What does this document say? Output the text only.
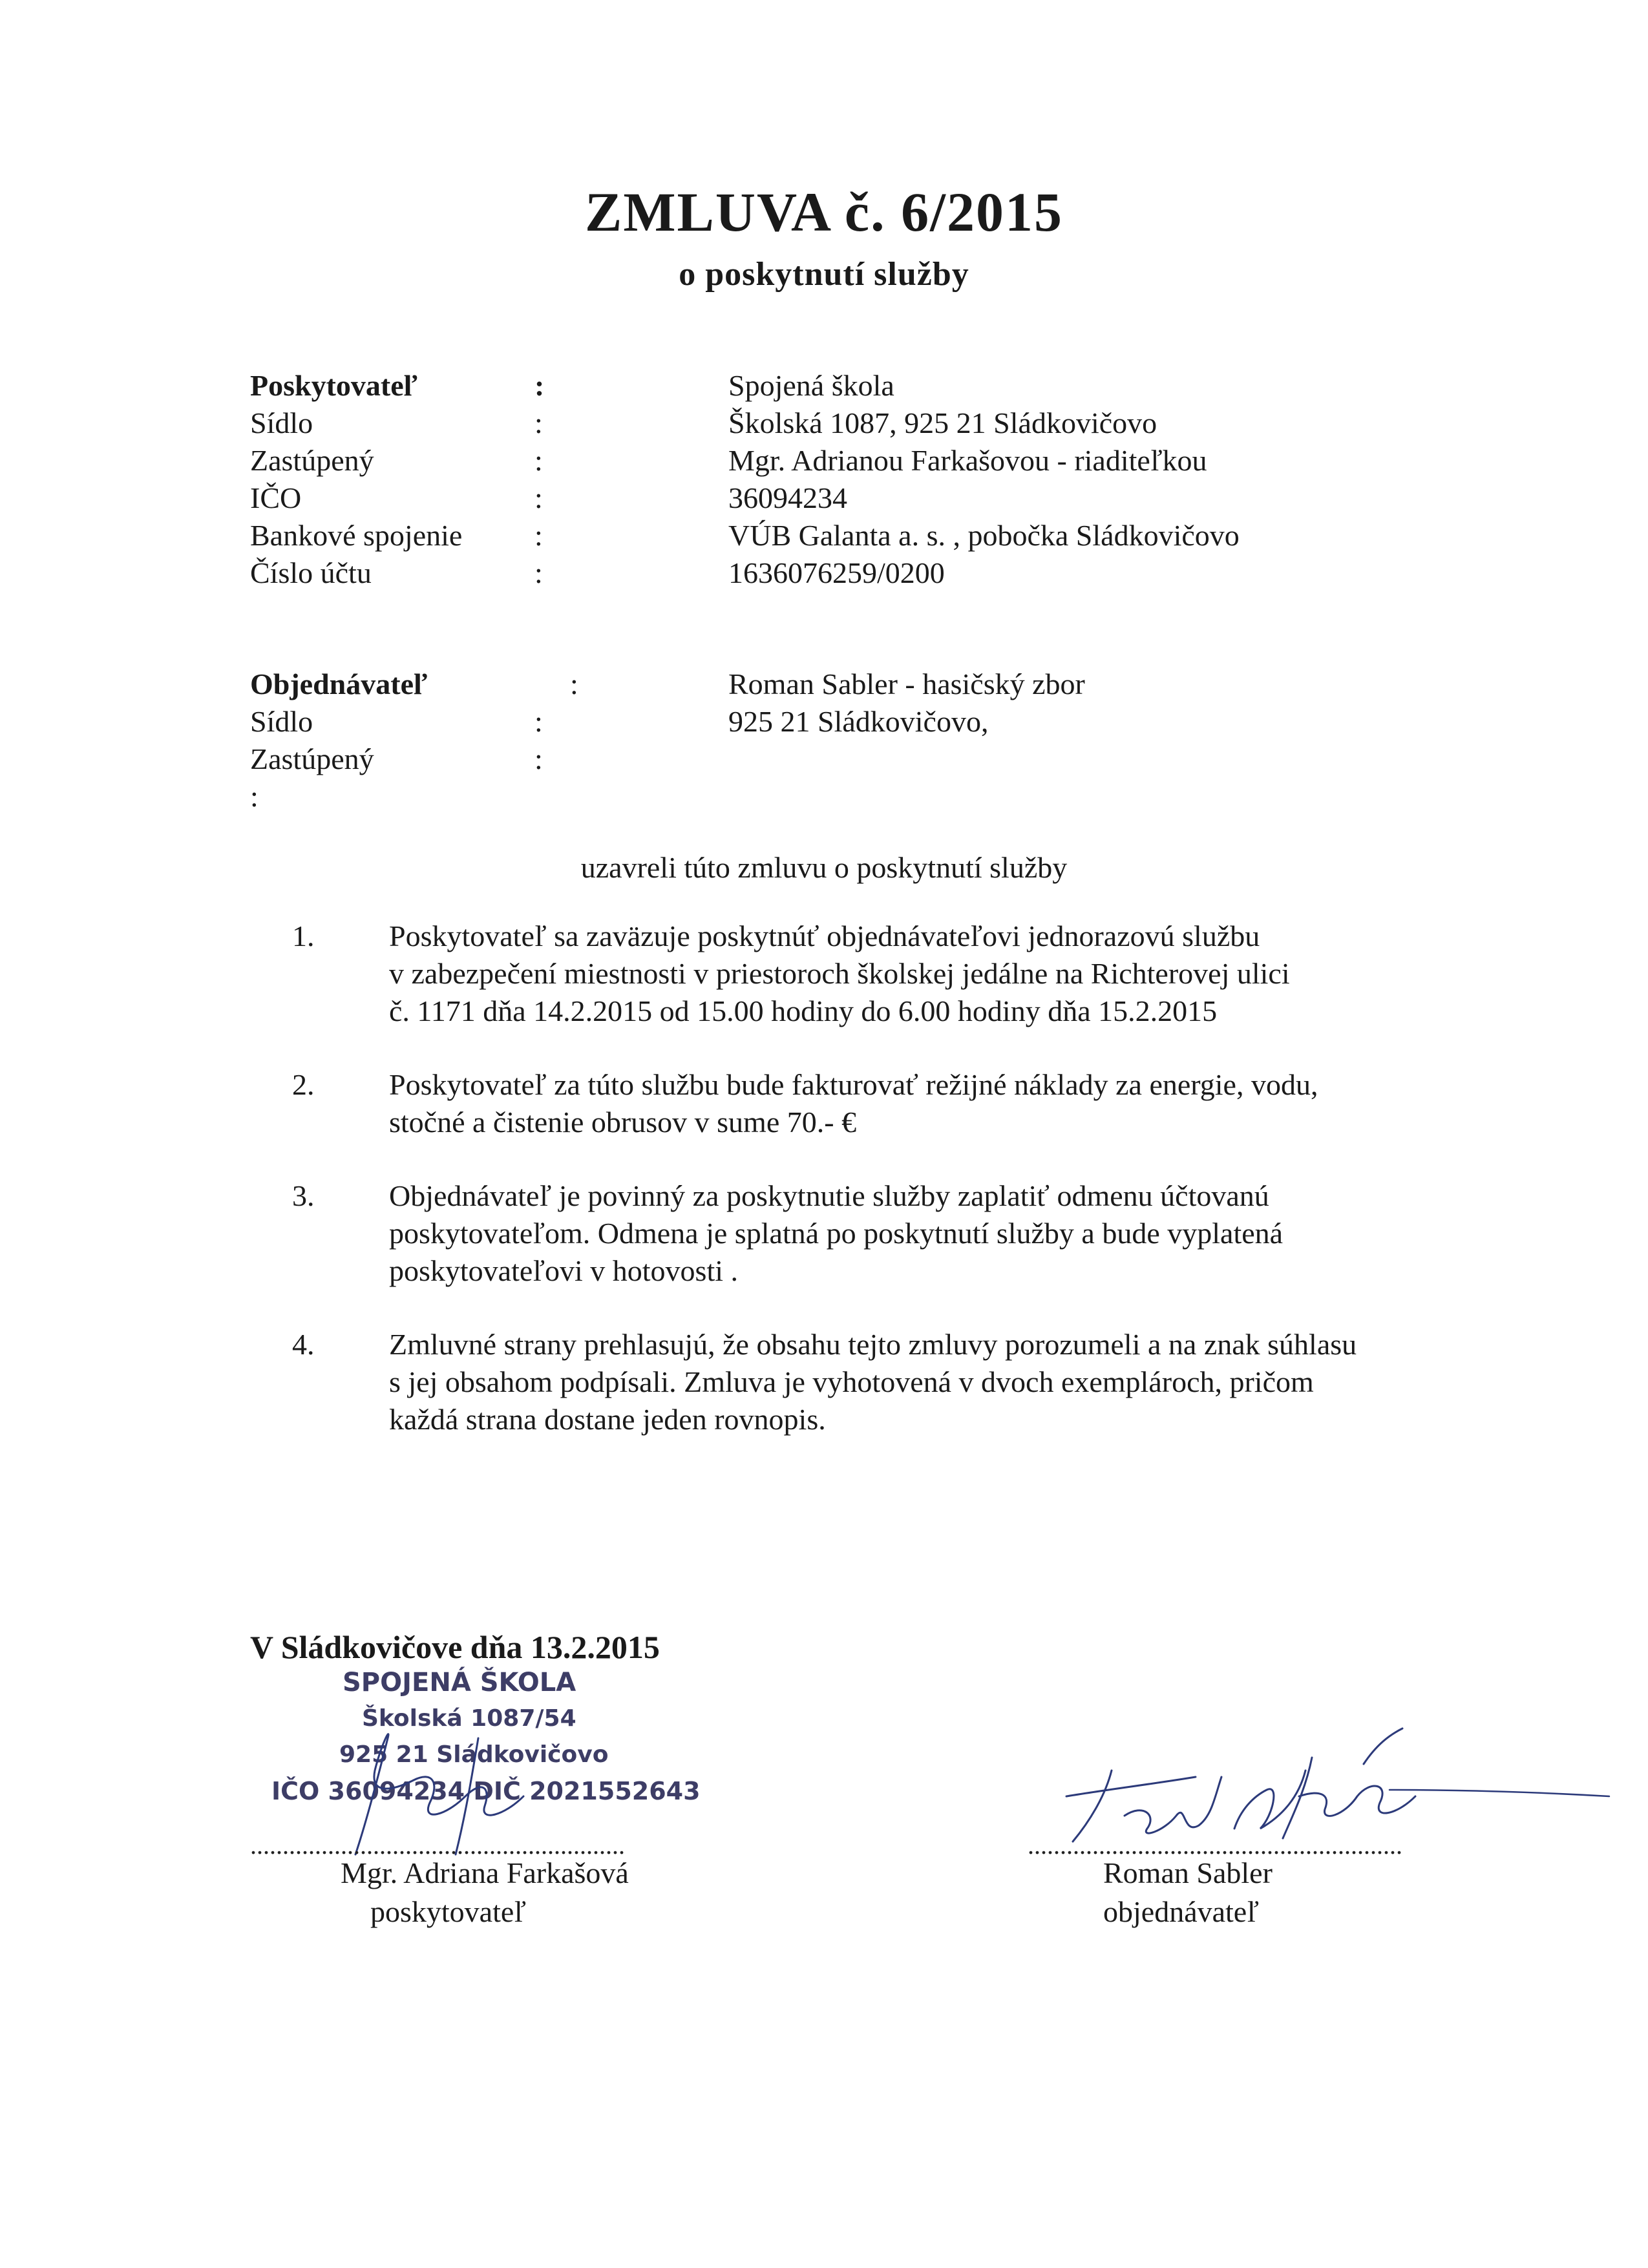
ZMLUVA č. 6/2015
o poskytnutí služby
Poskytovateľ	:	Spojená škola
Sídlo	:	Školská 1087, 925 21 Sládkovičovo
Zastúpený	:	Mgr. Adrianou Farkašovou - riaditeľkou
IČO	:	36094234
Bankové spojenie :	VÚB Galanta a. s. , pobočka Sládkovičovo
Číslo účtu	:	1636076259/0200
Objednávateľ	:	Roman Sabler - hasičský zbor
Sídlo	:	925 21 Sládkovičovo,
Zastúpený	:
:
uzavreli túto zmluvu o poskytnutí služby
1.	Poskytovateľ sa zaväzuje poskytnúť objednávateľovi jednorazovú službu
v zabezpečení miestnosti v priestoroch školskej jedálne na Richterovej ulici
č. 1171 dňa 14.2.2015 od 15.00 hodiny do 6.00 hodiny dňa 15.2.2015
2.	Poskytovateľ za túto službu bude fakturovať režijné náklady za energie, vodu,
stočné a čistenie obrusov v sume 70.- €
3.	Objednávateľ je povinný za poskytnutie služby zaplatiť odmenu účtovanú
poskytovateľom. Odmena je splatná po poskytnutí služby a bude vyplatená
poskytovateľovi v hotovosti .
4.	Zmluvné strany prehlasujú, že obsahu tejto zmluvy porozumeli a na znak súhlasu
s jej obsahom podpísali. Zmluva je vyhotovená v dvoch exemplároch, pričom
každá strana dostane jeden rovnopis.
V Sládkovičove dňa 13.2.2015
SPOJENÁ ŠKOLA
Školská 1087/54
925 21 Sládkovičovo
IČO 36094234 DIČ 2021552643
..........................................................
Mgr. Adriana Farkašová
poskytovateľ
..........................................................
Roman Sabler
objednávateľ
